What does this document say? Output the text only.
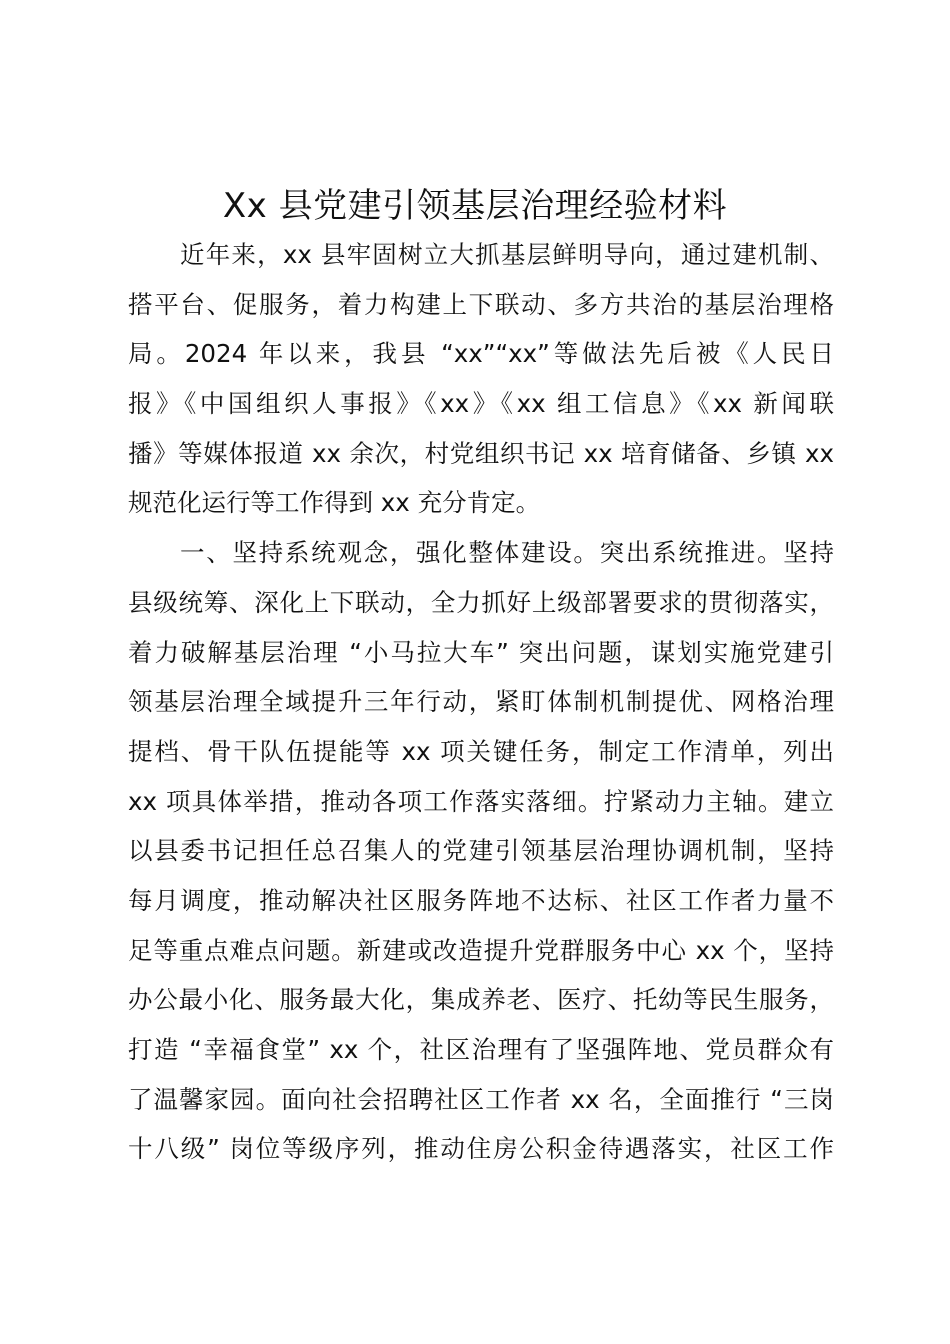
Xx 县党建引领基层治理经验材料
近年来，xx 县牢固树立大抓基层鲜明导向，通过建机制、
搭平台、促服务，着力构建上下联动、多方共治的基层治理格
局。2024 年以来，我县 “xx”“xx”等做法先后被《人民日
报》《中国组织人事报》《xx》《xx 组工信息》《xx 新闻联
播》等媒体报道 xx 余次，村党组织书记 xx 培育储备、乡镇 xx
规范化运行等工作得到 xx 充分肯定。
一、坚持系统观念，强化整体建设。突出系统推进。坚持
县级统筹、深化上下联动，全力抓好上级部署要求的贯彻落实，
着力破解基层治理 “小马拉大车” 突出问题，谋划实施党建引
领基层治理全域提升三年行动，紧盯体制机制提优、网格治理
提档、骨干队伍提能等 xx 项关键任务，制定工作清单，列出
xx 项具体举措，推动各项工作落实落细。拧紧动力主轴。建立
以县委书记担任总召集人的党建引领基层治理协调机制，坚持
每月调度，推动解决社区服务阵地不达标、社区工作者力量不
足等重点难点问题。新建或改造提升党群服务中心 xx 个，坚持
办公最小化、服务最大化，集成养老、医疗、托幼等民生服务，
打造 “幸福食堂” xx 个，社区治理有了坚强阵地、党员群众有
了温馨家园。面向社会招聘社区工作者 xx 名，全面推行 “三岗
十八级” 岗位等级序列，推动住房公积金待遇落实，社区工作
